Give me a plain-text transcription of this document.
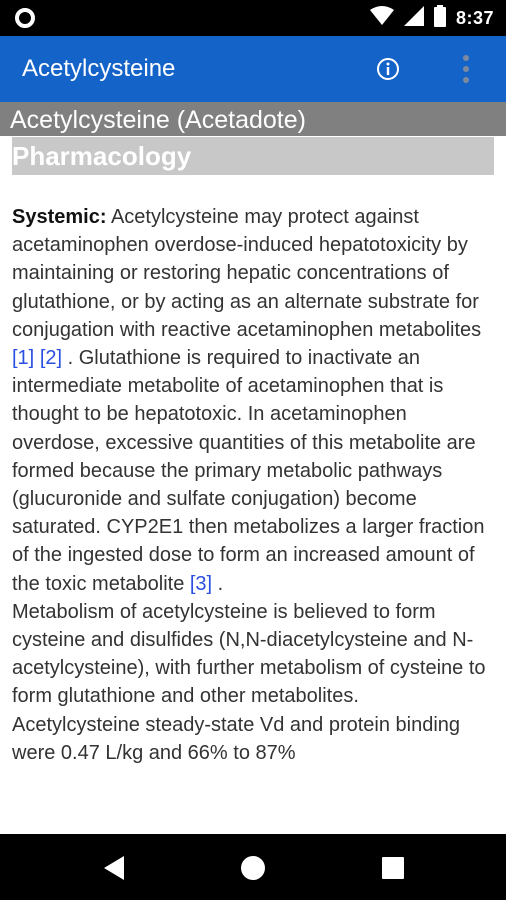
8:37
Acetylcysteine
Acetylcysteine (Acetadote)
Pharmacology
Systemic: Acetylcysteine may protect against acetaminophen overdose-induced hepatotoxicity by maintaining or restoring hepatic concentrations of glutathione, or by acting as an alternate substrate for conjugation with reactive acetaminophen metabolites [1] [2] . Glutathione is required to inactivate an intermediate metabolite of acetaminophen that is thought to be hepatotoxic. In acetaminophen overdose, excessive quantities of this metabolite are formed because the primary metabolic pathways (glucuronide and sulfate conjugation) become saturated. CYP2E1 then metabolizes a larger fraction of the ingested dose to form an increased amount of the toxic metabolite [3] .
Metabolism of acetylcysteine is believed to form cysteine and disulfides (N,N-diacetylcysteine and N-acetylcysteine), with further metabolism of cysteine to form glutathione and other metabolites.
Acetylcysteine steady-state Vd and protein binding were 0.47 L/kg and 66% to 87%
